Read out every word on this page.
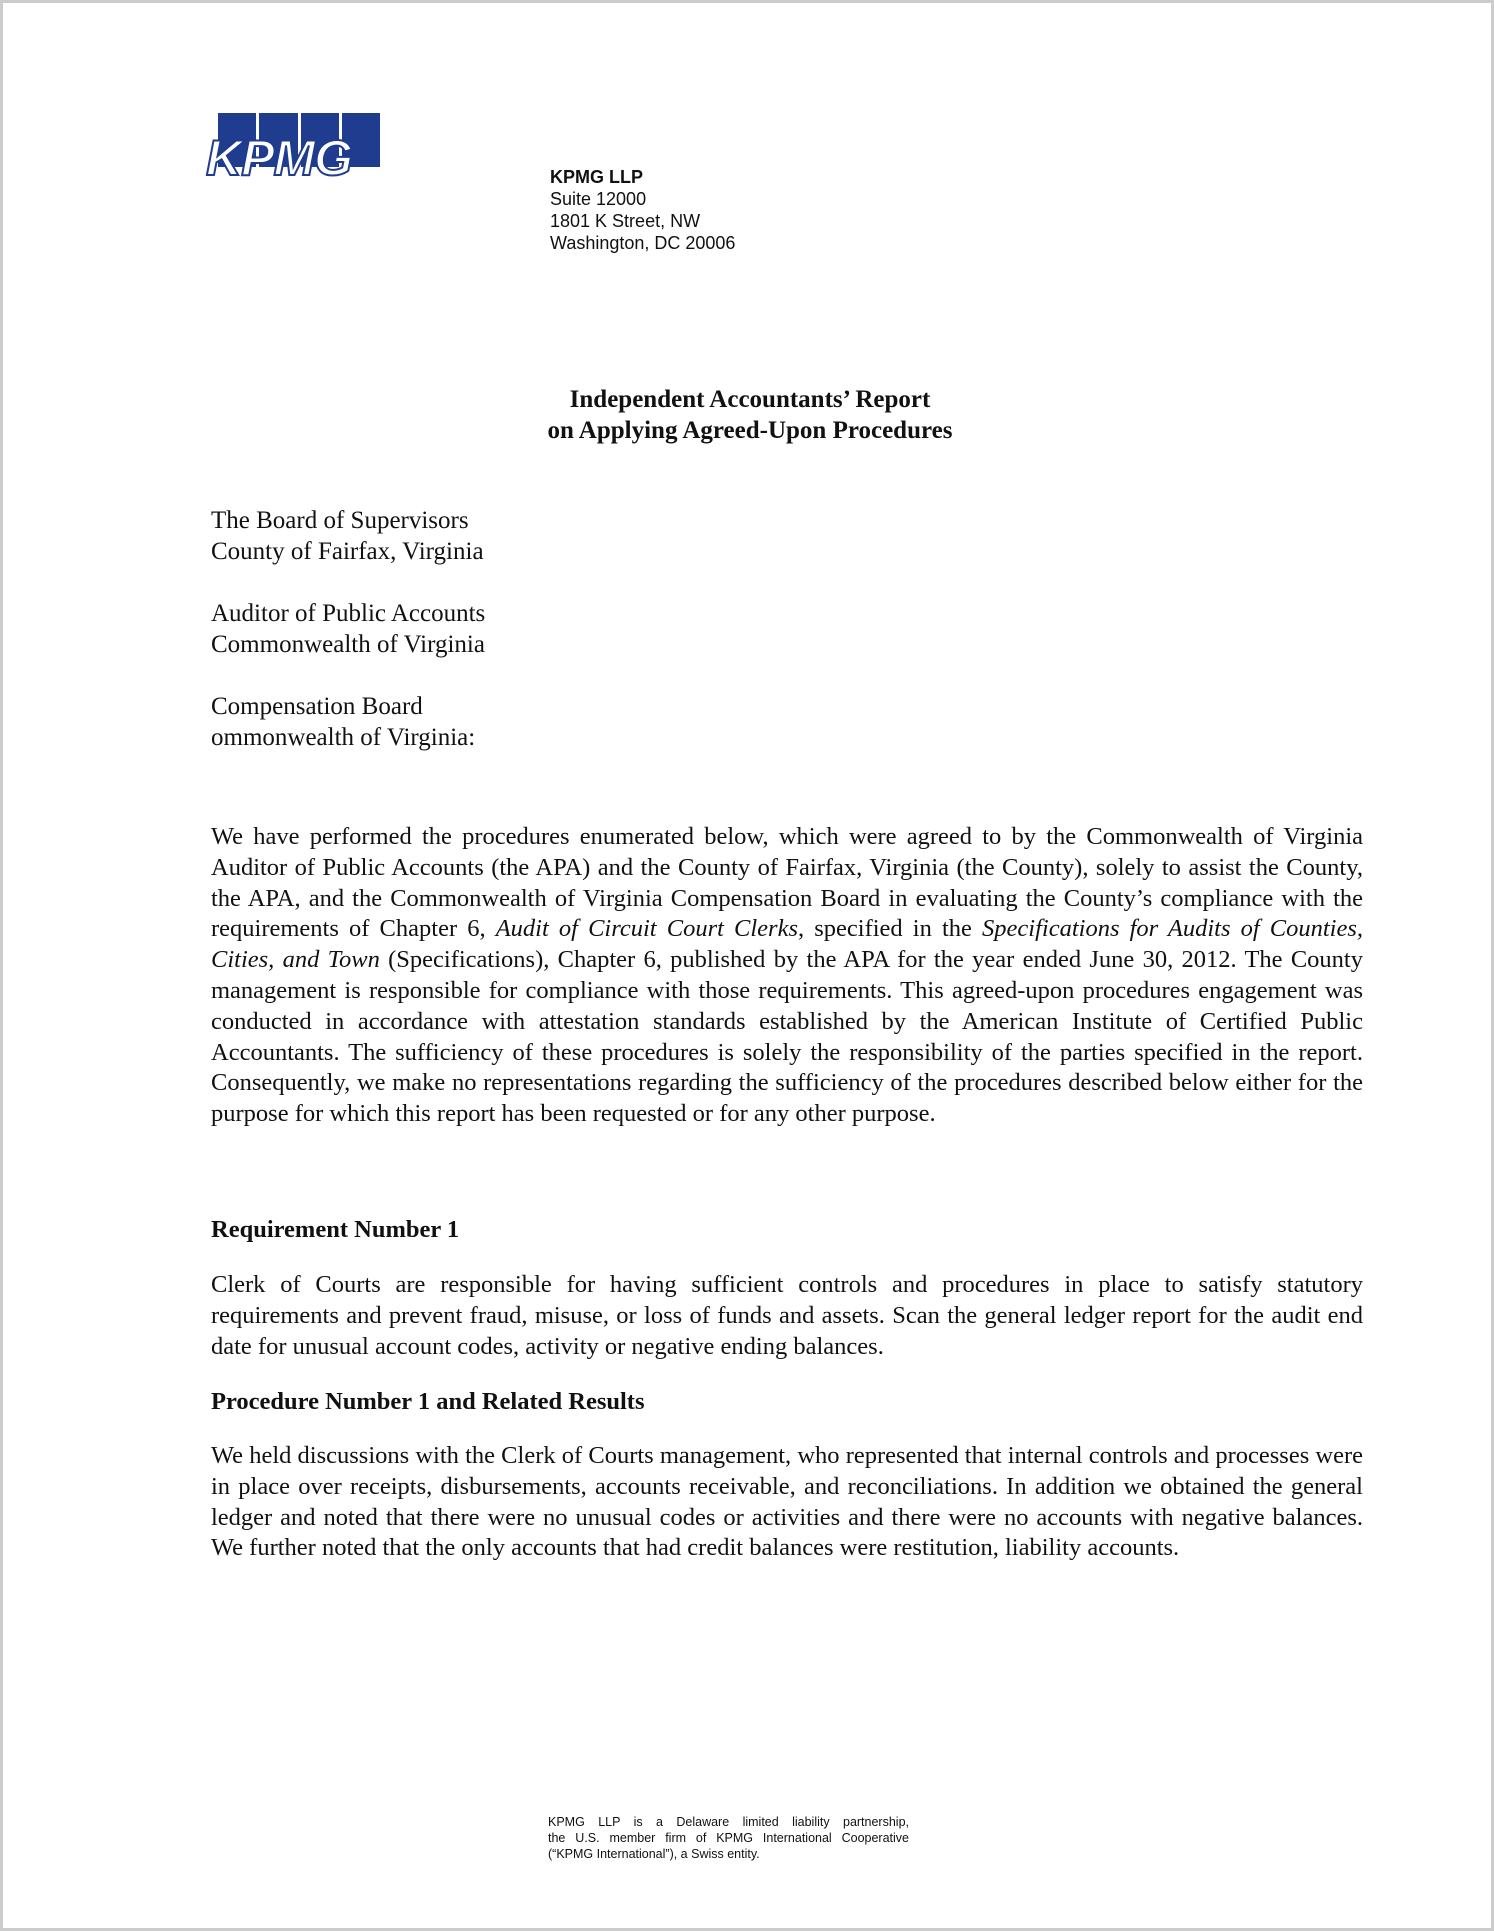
KPMG	KPMG LLP
Suite 12000
1801 K Street, NW
Washington, DC 20006
Independent Accountants’ Report
on Applying Agreed-Upon Procedures
The Board of Supervisors
County of Fairfax, Virginia
Auditor of Public Accounts
Commonwealth of Virginia
Compensation Board
ommonwealth of Virginia:

We have performed the procedures enumerated below, which were agreed to by the Commonwealth of Virginia Auditor of Public Accounts (the APA) and the County of Fairfax, Virginia (the County), solely to assist the County, the APA, and the Commonwealth of Virginia Compensation Board in evaluating the County’s compliance with the requirements of Chapter 6, Audit of Circuit Court Clerks, specified in the Specifications for Audits of Counties, Cities, and Town (Specifications), Chapter 6, published by the APA for the year ended June 30, 2012. The County management is responsible for compliance with those requirements. This agreed-upon procedures engagement was conducted in accordance with attestation standards established by the American Institute of Certified Public Accountants. The sufficiency of these procedures is solely the responsibility of the parties specified in the report. Consequently, we make no representations regarding the sufficiency of the procedures described below either for the purpose for which this report has been requested or for any other purpose.

Requirement Number 1

Clerk of Courts are responsible for having sufficient controls and procedures in place to satisfy statutory requirements and prevent fraud, misuse, or loss of funds and assets. Scan the general ledger report for the audit end date for unusual account codes, activity or negative ending balances.

Procedure Number 1 and Related Results

We held discussions with the Clerk of Courts management, who represented that internal controls and processes were in place over receipts, disbursements, accounts receivable, and reconciliations. In addition we obtained the general ledger and noted that there were no unusual codes or activities and there were no accounts with negative balances. We further noted that the only accounts that had credit balances were restitution, liability accounts.

KPMG LLP is a Delaware limited liability partnership,
the U.S. member firm of KPMG International Cooperative
(“KPMG International”), a Swiss entity.
